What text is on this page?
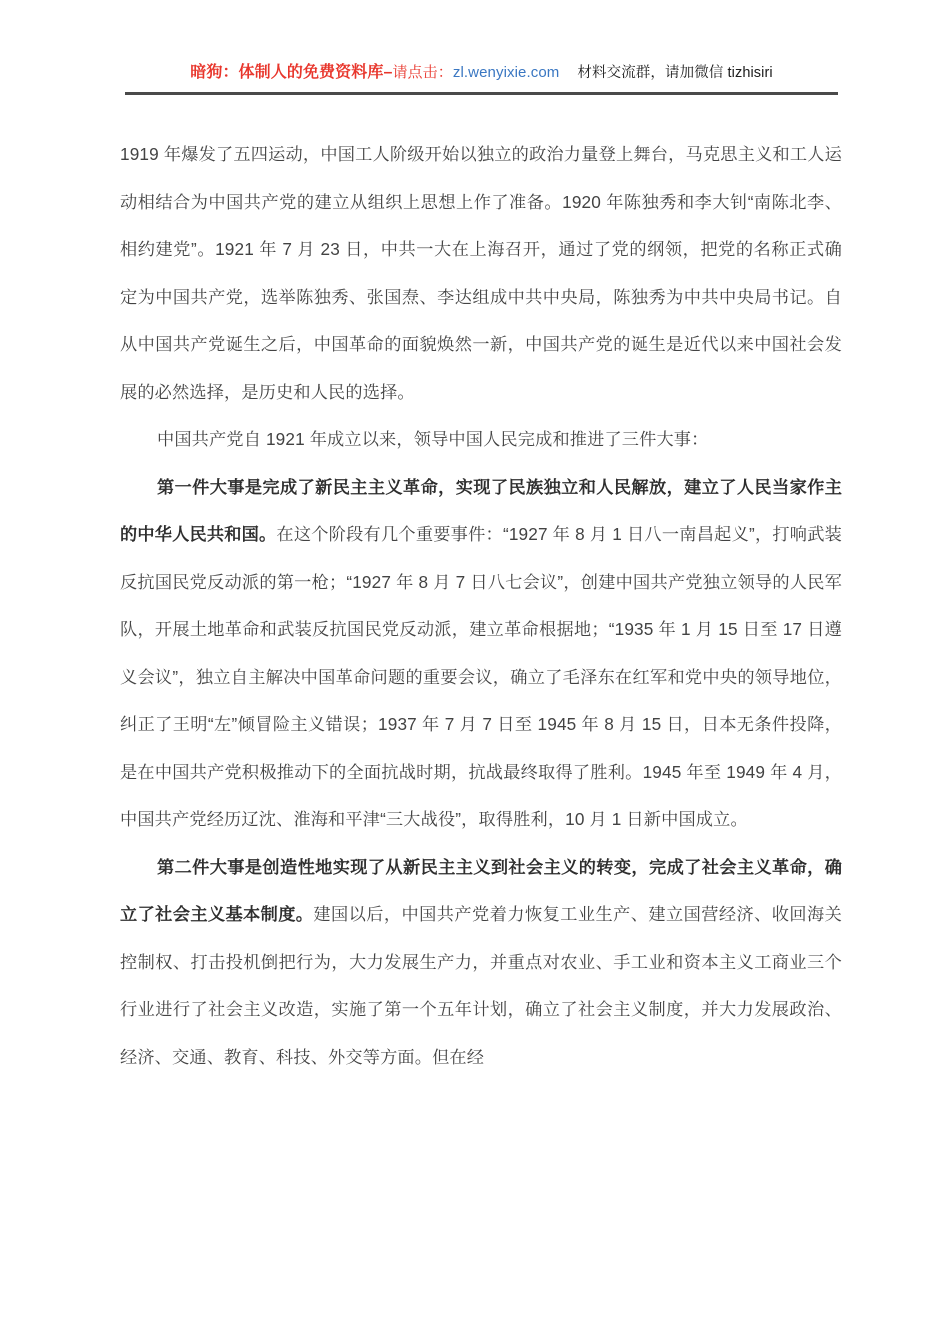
暗狗：体制人的免费资料库–请点击：zl.wenyixie.com 材料交流群，请加微信 tizhisiri

1919 年爆发了五四运动，中国工人阶级开始以独立的政治力量登上舞台，马克思主义和工人运动相结合为中国共产党的建立从组织上思想上作了准备。1920 年陈独秀和李大钊“南陈北李、相约建党”。1921 年 7 月 23 日，中共一大在上海召开，通过了党的纲领，把党的名称正式确定为中国共产党，选举陈独秀、张国焘、李达组成中共中央局，陈独秀为中共中央局书记。自从中国共产党诞生之后，中国革命的面貌焕然一新，中国共产党的诞生是近代以来中国社会发展的必然选择，是历史和人民的选择。

中国共产党自 1921 年成立以来，领导中国人民完成和推进了三件大事：

第一件大事是完成了新民主主义革命，实现了民族独立和人民解放，建立了人民当家作主的中华人民共和国。在这个阶段有几个重要事件：“1927 年 8 月 1 日八一南昌起义”，打响武装反抗国民党反动派的第一枪；“1927 年 8 月 7 日八七会议”，创建中国共产党独立领导的人民军队，开展土地革命和武装反抗国民党反动派，建立革命根据地；“1935 年 1 月 15 日至 17 日遵义会议”，独立自主解决中国革命问题的重要会议，确立了毛泽东在红军和党中央的领导地位，纠正了王明“左”倾冒险主义错误；1937 年 7 月 7 日至 1945 年 8 月 15 日，日本无条件投降，是在中国共产党积极推动下的全面抗战时期，抗战最终取得了胜利。1945 年至 1949 年 4 月，中国共产党经历辽沈、淮海和平津“三大战役”，取得胜利，10 月 1 日新中国成立。

第二件大事是创造性地实现了从新民主主义到社会主义的转变，完成了社会主义革命，确立了社会主义基本制度。建国以后，中国共产党着力恢复工业生产、建立国营经济、收回海关控制权、打击投机倒把行为，大力发展生产力，并重点对农业、手工业和资本主义工商业三个行业进行了社会主义改造，实施了第一个五年计划，确立了社会主义制度，并大力发展政治、经济、交通、教育、科技、外交等方面。但在经
